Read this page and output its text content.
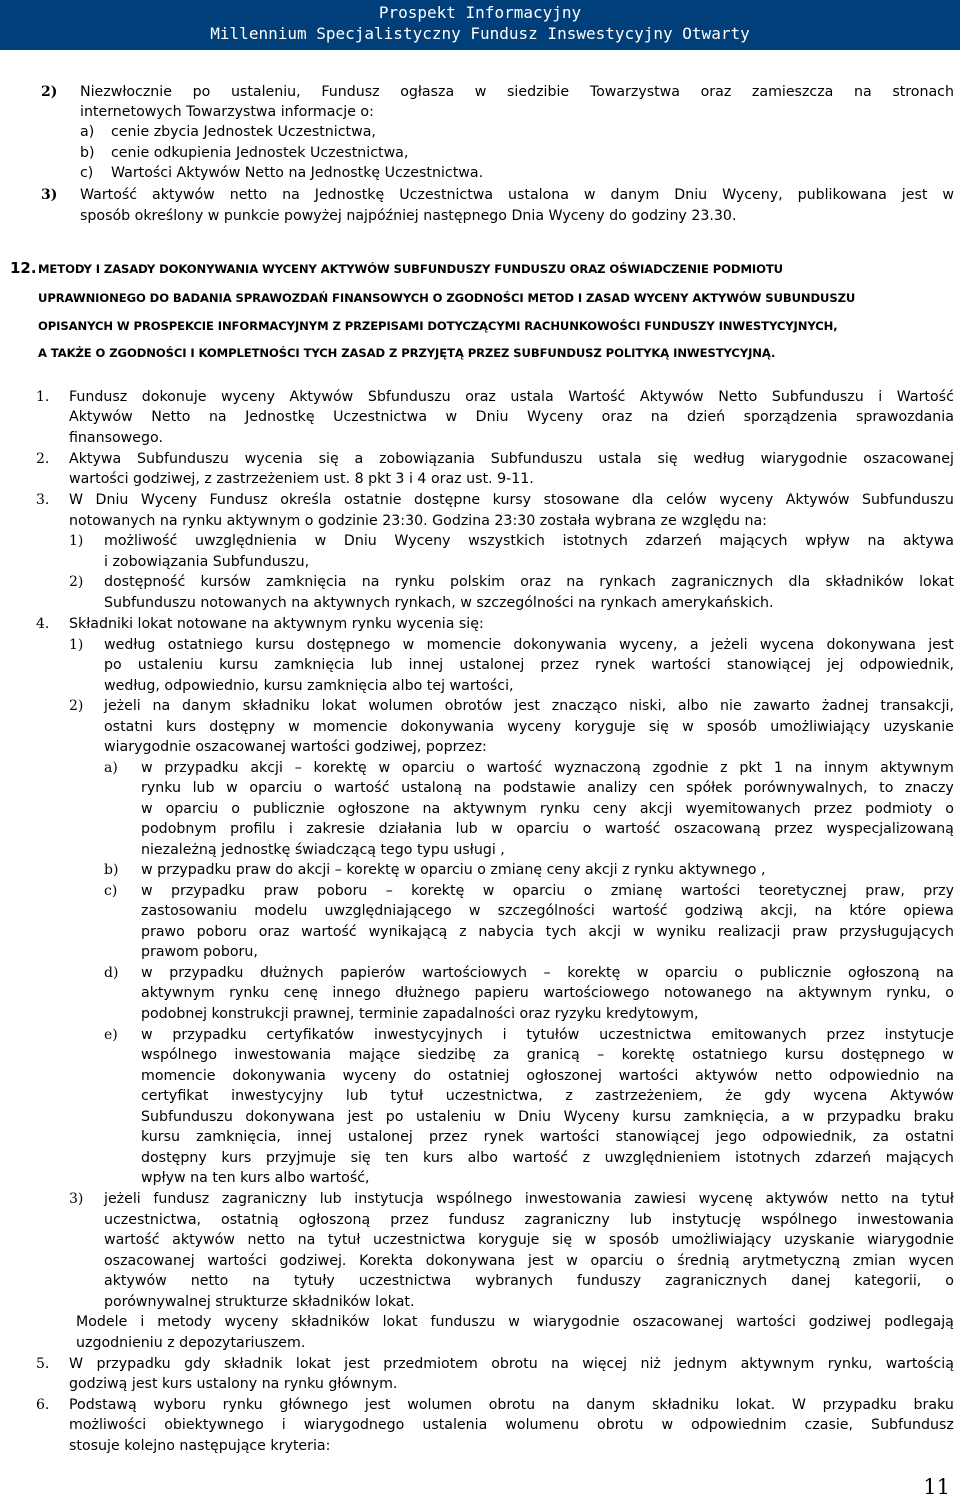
Prospekt Informacyjny
Millennium Specjalistyczny Fundusz Inswestycyjny Otwarty
2) Niezwłocznie po ustaleniu, Fundusz ogłasza w siedzibie Towarzystwa oraz zamieszcza na stronach
internetowych Towarzystwa informacje o:
a) cenie zbycia Jednostek Uczestnictwa,
b) cenie odkupienia Jednostek Uczestnictwa,
c) Wartości Aktywów Netto na Jednostkę Uczestnictwa.
3) Wartość aktywów netto na Jednostkę Uczestnictwa ustalona w danym Dniu Wyceny, publikowana jest w
sposób określony w punkcie powyżej najpóźniej następnego Dnia Wyceny do godziny 23.30.
12. METODY I ZASADY DOKONYWANIA WYCENY AKTYWÓW SUBFUNDUSZY FUNDUSZU ORAZ OŚWIADCZENIE PODMIOTU
UPRAWNIONEGO DO BADANIA SPRAWOZDAŃ FINANSOWYCH O ZGODNOŚCI METOD I ZASAD WYCENY AKTYWÓW SUBUNDUSZU
OPISANYCH W PROSPEKCIE INFORMACYJNYM Z PRZEPISAMI DOTYCZĄCYMI RACHUNKOWOŚCI FUNDUSZY INWESTYCYJNYCH,
A TAKŻE O ZGODNOŚCI I KOMPLETNOŚCI TYCH ZASAD Z PRZYJĘTĄ PRZEZ SUBFUNDUSZ POLITYKĄ INWESTYCYJNĄ.
1. Fundusz dokonuje wyceny Aktywów Sbfunduszu oraz ustala Wartość Aktywów Netto Subfunduszu i Wartość
Aktywów Netto na Jednostkę Uczestnictwa w Dniu Wyceny oraz na dzień sporządzenia sprawozdania
finansowego.
2. Aktywa Subfunduszu wycenia się a zobowiązania Subfunduszu ustala się według wiarygodnie oszacowanej
wartości godziwej, z zastrzeżeniem ust. 8 pkt 3 i 4 oraz ust. 9-11.
3. W Dniu Wyceny Fundusz określa ostatnie dostępne kursy stosowane dla celów wyceny Aktywów Subfunduszu
notowanych na rynku aktywnym o godzinie 23:30. Godzina 23:30 została wybrana ze względu na:
1) możliwość uwzględnienia w Dniu Wyceny wszystkich istotnych zdarzeń mających wpływ na aktywa
i zobowiązania Subfunduszu,
2) dostępność kursów zamknięcia na rynku polskim oraz na rynkach zagranicznych dla składników lokat
Subfunduszu notowanych na aktywnych rynkach, w szczególności na rynkach amerykańskich.
4. Składniki lokat notowane na aktywnym rynku wycenia się:
1) według ostatniego kursu dostępnego w momencie dokonywania wyceny, a jeżeli wycena dokonywana jest
po ustaleniu kursu zamknięcia lub innej ustalonej przez rynek wartości stanowiącej jej odpowiednik,
według, odpowiednio, kursu zamknięcia albo tej wartości,
2) jeżeli na danym składniku lokat wolumen obrotów jest znacząco niski, albo nie zawarto żadnej transakcji,
ostatni kurs dostępny w momencie dokonywania wyceny koryguje się w sposób umożliwiający uzyskanie
wiarygodnie oszacowanej wartości godziwej, poprzez:
a) w przypadku akcji – korektę w oparciu o wartość wyznaczoną zgodnie z pkt 1 na innym aktywnym
rynku lub w oparciu o wartość ustaloną na podstawie analizy cen spółek porównywalnych, to znaczy
w oparciu o publicznie ogłoszone na aktywnym rynku ceny akcji wyemitowanych przez podmioty o
podobnym profilu i zakresie działania lub w oparciu o wartość oszacowaną przez wyspecjalizowaną
niezależną jednostkę świadczącą tego typu usługi ,
b) w przypadku praw do akcji – korektę w oparciu o zmianę ceny akcji z rynku aktywnego ,
c) w przypadku praw poboru – korektę w oparciu o zmianę wartości teoretycznej praw, przy
zastosowaniu modelu uwzględniającego w szczególności wartość godziwą akcji, na które opiewa
prawo poboru oraz wartość wynikającą z nabycia tych akcji w wyniku realizacji praw przysługujących
prawom poboru,
d) w przypadku dłużnych papierów wartościowych – korektę w oparciu o publicznie ogłoszoną na
aktywnym rynku cenę innego dłużnego papieru wartościowego notowanego na aktywnym rynku, o
podobnej konstrukcji prawnej, terminie zapadalności oraz ryzyku kredytowym,
e) w przypadku certyfikatów inwestycyjnych i tytułów uczestnictwa emitowanych przez instytucje
wspólnego inwestowania mające siedzibę za granicą – korektę ostatniego kursu dostępnego w
momencie dokonywania wyceny do ostatniej ogłoszonej wartości aktywów netto odpowiednio na
certyfikat inwestycyjny lub tytuł uczestnictwa, z zastrzeżeniem, że gdy wycena Aktywów
Subfunduszu dokonywana jest po ustaleniu w Dniu Wyceny kursu zamknięcia, a w przypadku braku
kursu zamknięcia, innej ustalonej przez rynek wartości stanowiącej jego odpowiednik, za ostatni
dostępny kurs przyjmuje się ten kurs albo wartość z uwzględnieniem istotnych zdarzeń mających
wpływ na ten kurs albo wartość,
3) jeżeli fundusz zagraniczny lub instytucja wspólnego inwestowania zawiesi wycenę aktywów netto na tytuł
uczestnictwa, ostatnią ogłoszoną przez fundusz zagraniczny lub instytucję wspólnego inwestowania
wartość aktywów netto na tytuł uczestnictwa koryguje się w sposób umożliwiający uzyskanie wiarygodnie
oszacowanej wartości godziwej. Korekta dokonywana jest w oparciu o średnią arytmetyczną zmian wycen
aktywów netto na tytuły uczestnictwa wybranych funduszy zagranicznych danej kategorii, o
porównywalnej strukturze składników lokat.
Modele i metody wyceny składników lokat funduszu w wiarygodnie oszacowanej wartości godziwej podlegają
uzgodnieniu z depozytariuszem.
5. W przypadku gdy składnik lokat jest przedmiotem obrotu na więcej niż jednym aktywnym rynku, wartością
godziwą jest kurs ustalony na rynku głównym.
6. Podstawą wyboru rynku głównego jest wolumen obrotu na danym składniku lokat. W przypadku braku
możliwości obiektywnego i wiarygodnego ustalenia wolumenu obrotu w odpowiednim czasie, Subfundusz
stosuje kolejno następujące kryteria:
11
